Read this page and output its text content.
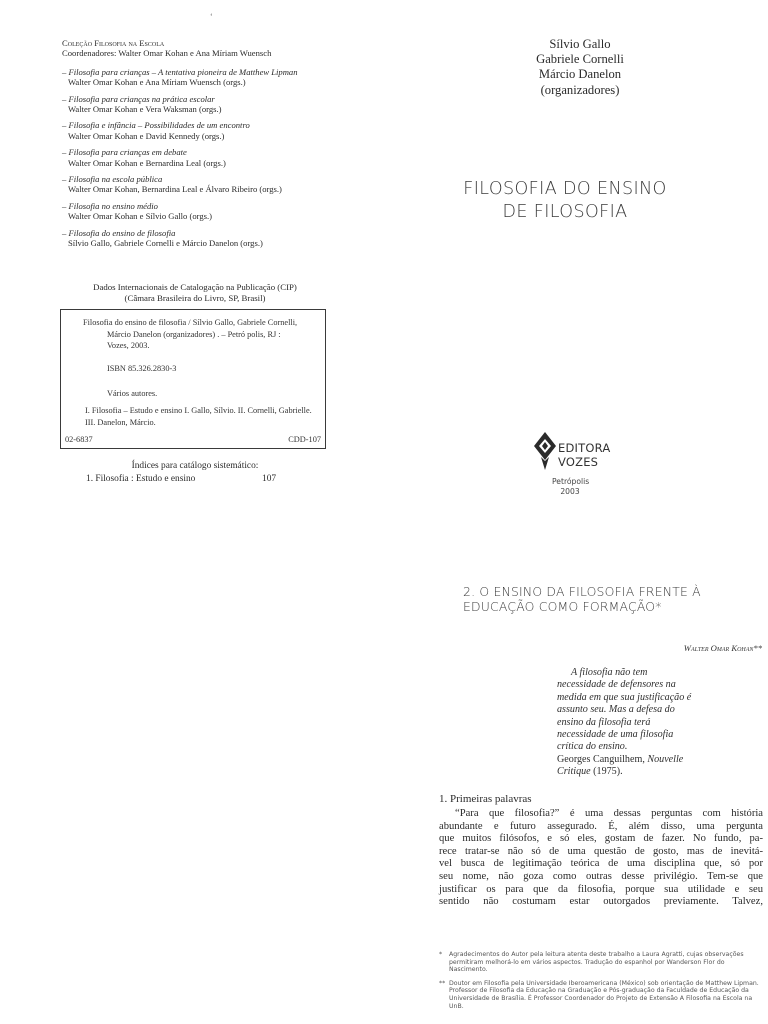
‘
Coleção Filosofia na Escola
Coordenadores: Walter Omar Kohan e Ana Míriam Wuensch
– Filosofia para crianças – A tentativa pioneira de Matthew Lipman
Walter Omar Kohan e Ana Míriam Wuensch (orgs.)
– Filosofia para crianças na prática escolar
Walter Omar Kohan e Vera Waksman (orgs.)
– Filosofia e infância – Possibilidades de um encontro
Walter Omar Kohan e David Kennedy (orgs.)
– Filosofia para crianças em debate
Walter Omar Kohan e Bernardina Leal (orgs.)
– Filosofia na escola pública
Walter Omar Kohan, Bernardina Leal e Álvaro Ribeiro (orgs.)
– Filosofia no ensino médio
Walter Omar Kohan e Sílvio Gallo (orgs.)
– Filosofia do ensino de filosofia
Sílvio Gallo, Gabriele Cornelli e Márcio Danelon (orgs.)
Sílvio Gallo
Gabriele Cornelli
Márcio Danelon
(organizadores)
FILOSOFIA DO ENSINO
DE FILOSOFIA
Dados Internacionais de Catalogação na Publicação (CIP)
(Câmara Brasileira do Livro, SP, Brasil)
Filosofia do ensino de filosofia / Sílvio Gallo, Gabriele Cornelli,
Márcio Danelon (organizadores) . – Petró polis, RJ :
Vozes, 2003.
ISBN 85.326.2830-3
Vários autores.
I. Filosofia – Estudo e ensino I. Gallo, Sílvio. II. Cornelli, Gabrielle.
III. Danelon, Márcio.
02-6837	CDD-107
Índices para catálogo sistemático:
1. Filosofia : Estudo e ensino	107
EDITORA
VOZES
Petrópolis
2003
2. O ENSINO DA FILOSOFIA FRENTE À
EDUCAÇÃO COMO FORMAÇÃO*
Walter Omar Kohan**
A filosofia não tem
necessidade de defensores na
medida em que sua justificação é
assunto seu. Mas a defesa do
ensino da filosofia terá
necessidade de uma filosofia
crítica do ensino.
Georges Canguilhem, Nouvelle
Critique (1975).
1. Primeiras palavras
“Para que filosofia?” é uma dessas perguntas com história
abundante e futuro assegurado. É, além disso, uma pergunta
que muitos filósofos, e só eles, gostam de fazer. No fundo, pa-
rece tratar-se não só de uma questão de gosto, mas de inevitá-
vel busca de legitimação teórica de uma disciplina que, só por
seu nome, não goza como outras desse privilégio. Tem-se que
justificar os para que da filosofia, porque sua utilidade e seu
sentido não costumam estar outorgados previamente. Talvez,
* Agradecimentos do Autor pela leitura atenta deste trabalho a Laura Agratti, cujas observações permitiram melhorá-lo em vários aspectos. Tradução do espanhol por Wanderson Flor do Nascimento.
** Doutor em Filosofia pela Universidade Iberoamericana (México) sob orientação de Matthew Lipman. Professor de Filosofia da Educação na Graduação e Pós-graduação da Faculdade de Educação da Universidade de Brasília. É Professor Coordenador do Projeto de Extensão A Filosofia na Escola na UnB.
